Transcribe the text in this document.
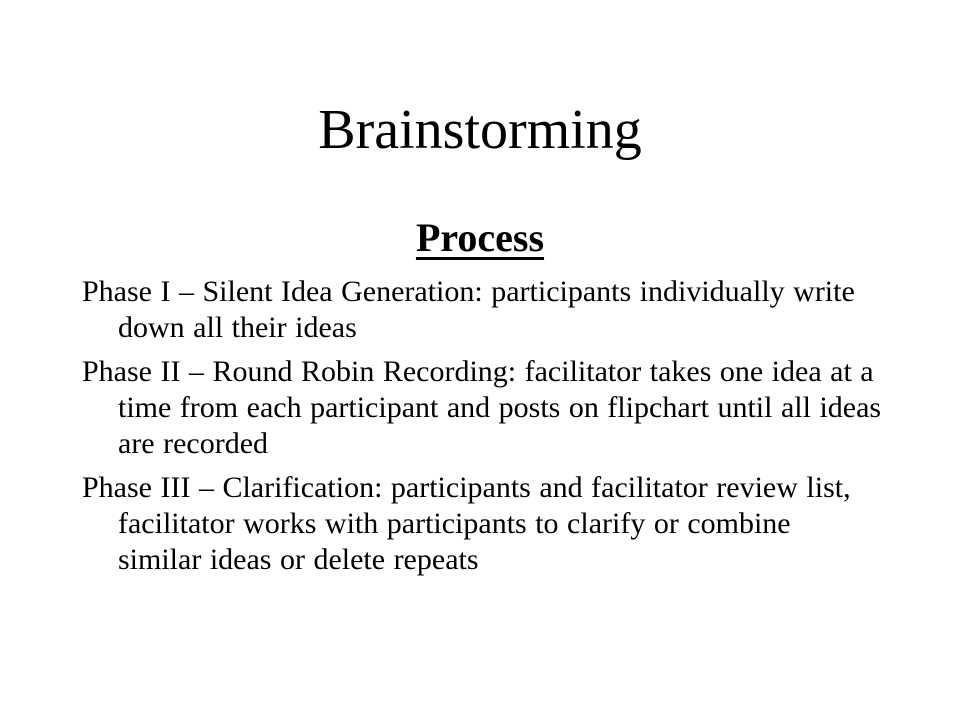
Brainstorming
Process
Phase I – Silent Idea Generation: participants individually write down all their ideas
Phase II – Round Robin Recording: facilitator takes one idea at a time from each participant and posts on flipchart until all ideas are recorded
Phase III – Clarification: participants and facilitator review list, facilitator works with participants to clarify or combine similar ideas or delete repeats
